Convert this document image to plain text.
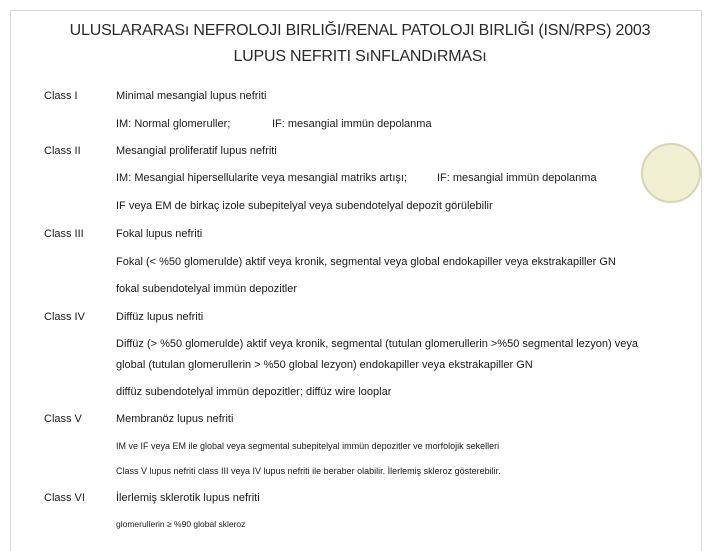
ULUSLARARASı NEFROLOJI BIRLIĞI/RENAL PATOLOJI BIRLIĞI (ISN/RPS) 2003
LUPUS NEFRITI SıNFLANDıRMASı
Class I	Minimal mesangial lupus nefriti
IM: Normal glomeruller;	IF: mesangial immün depolanma
Class II	Mesangial proliferatif lupus nefriti
IM: Mesangial hipersellularite veya mesangial matriks artışı;	IF: mesangial immün depolanma
IF veya EM de birkaç izole subepitelyal veya subendotelyal depozit görülebilir
Class III	Fokal lupus nefriti
Fokal (< %50 glomerulde) aktif veya kronik, segmental veya global endokapiller veya ekstrakapiller GN
fokal subendotelyal immün depozitler
Class IV	Diffüz lupus nefriti
Diffüz (> %50 glomerulde) aktif veya kronik, segmental (tutulan glomerullerin >%50 segmental lezyon) veya
global (tutulan glomerullerin > %50 global lezyon) endokapiller veya ekstrakapiller GN
diffüz subendotelyal immün depozitler; diffüz wire looplar
Class V	Membranöz lupus nefriti
IM ve IF veya EM ile global veya segmental subepitelyal immün depozitler ve morfolojik sekelleri
Class V lupus nefriti class III veya IV lupus nefriti ile beraber olabilir. İlerlemiş skleroz gösterebilir.
Class VI	İlerlemiş sklerotik lupus nefriti
glomerullerin ≥ %90 global skleroz
